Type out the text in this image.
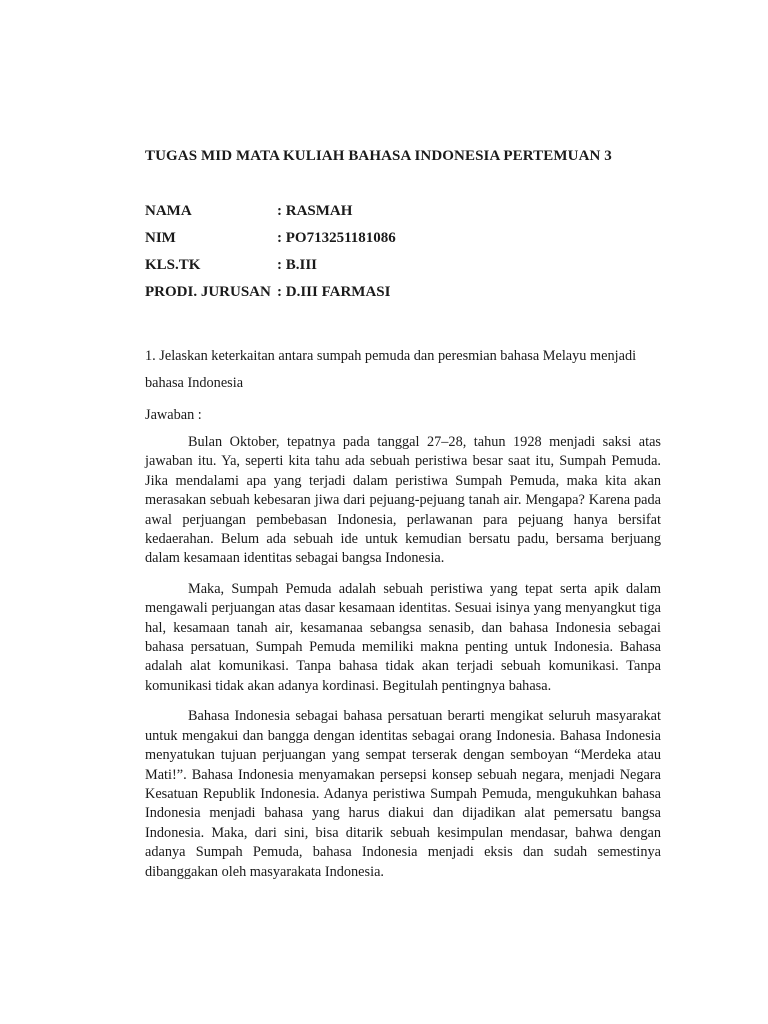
TUGAS MID MATA KULIAH BAHASA INDONESIA PERTEMUAN 3
NAMA	: RASMAH
NIM	: PO713251181086
KLS.TK	: B.III
PRODI. JURUSAN : D.III FARMASI
1. Jelaskan keterkaitan antara sumpah pemuda dan peresmian bahasa Melayu menjadi bahasa Indonesia
Jawaban :

Bulan Oktober, tepatnya pada tanggal 27–28, tahun 1928 menjadi saksi atas jawaban itu. Ya, seperti kita tahu ada sebuah peristiwa besar saat itu, Sumpah Pemuda. Jika mendalami apa yang terjadi dalam peristiwa Sumpah Pemuda, maka kita akan merasakan sebuah kebesaran jiwa dari pejuang-pejuang tanah air. Mengapa? Karena pada awal perjuangan pembebasan Indonesia, perlawanan para pejuang hanya bersifat kedaerahan. Belum ada sebuah ide untuk kemudian bersatu padu, bersama berjuang dalam kesamaan identitas sebagai bangsa Indonesia.

Maka, Sumpah Pemuda adalah sebuah peristiwa yang tepat serta apik dalam mengawali perjuangan atas dasar kesamaan identitas. Sesuai isinya yang menyangkut tiga hal, kesamaan tanah air, kesamanaa sebangsa senasib, dan bahasa Indonesia sebagai bahasa persatuan, Sumpah Pemuda memiliki makna penting untuk Indonesia. Bahasa adalah alat komunikasi. Tanpa bahasa tidak akan terjadi sebuah komunikasi. Tanpa komunikasi tidak akan adanya kordinasi. Begitulah pentingnya bahasa.

Bahasa Indonesia sebagai bahasa persatuan berarti mengikat seluruh masyarakat untuk mengakui dan bangga dengan identitas sebagai orang Indonesia. Bahasa Indonesia menyatukan tujuan perjuangan yang sempat terserak dengan semboyan “Merdeka atau Mati!”. Bahasa Indonesia menyamakan persepsi konsep sebuah negara, menjadi Negara Kesatuan Republik Indonesia. Adanya peristiwa Sumpah Pemuda, mengukuhkan bahasa Indonesia menjadi bahasa yang harus diakui dan dijadikan alat pemersatu bangsa Indonesia. Maka, dari sini, bisa ditarik sebuah kesimpulan mendasar, bahwa dengan adanya Sumpah Pemuda, bahasa Indonesia menjadi eksis dan sudah semestinya dibanggakan oleh masyarakata Indonesia.
